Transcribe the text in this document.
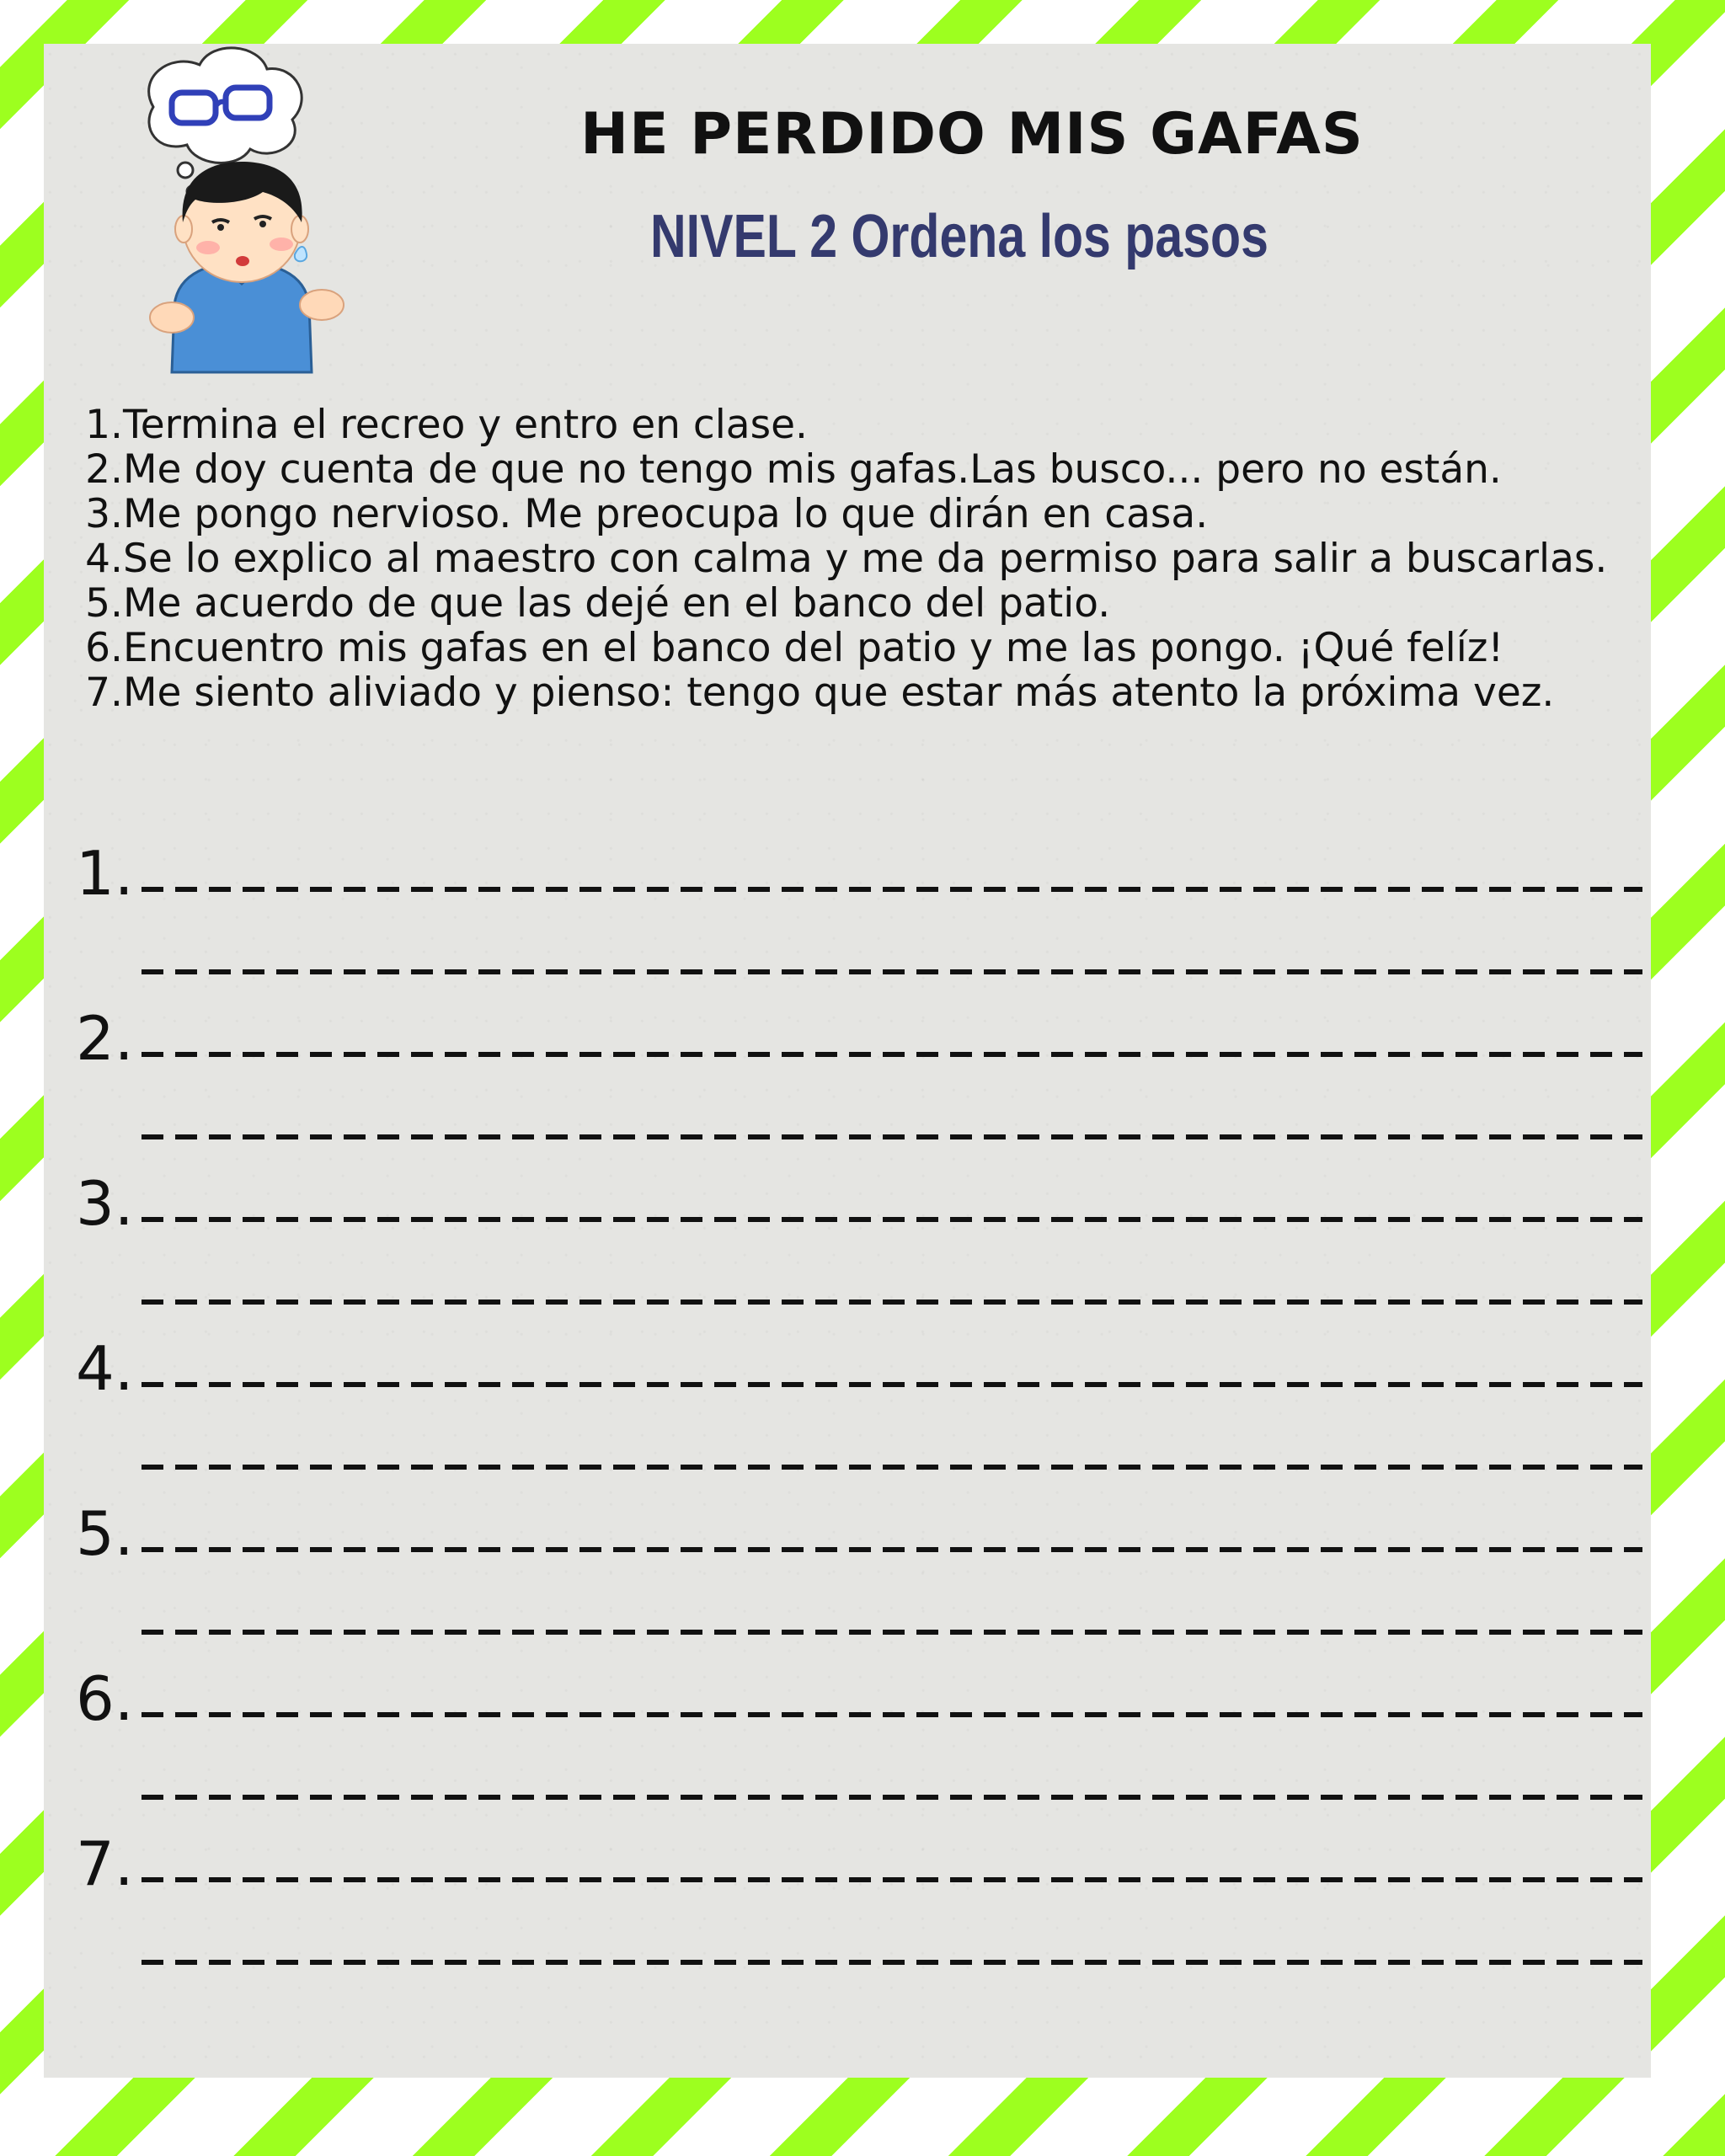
HE PERDIDO MIS GAFAS
NIVEL 2 Ordena los pasos
1. Termina el recreo y entro en clase.
2. Me doy cuenta de que no tengo mis gafas.Las busco... pero no están.
3. Me pongo nervioso. Me preocupa lo que dirán en casa.
4. Se lo explico al maestro con calma y me da permiso para salir a buscarlas.
5. Me acuerdo de que las dejé en el banco del patio.
6. Encuentro mis gafas en el banco del patio y me las pongo. ¡Qué felíz!
7. Me siento aliviado y pienso: tengo que estar más atento la próxima vez.
1.
2.
3.
4.
5.
6.
7.
